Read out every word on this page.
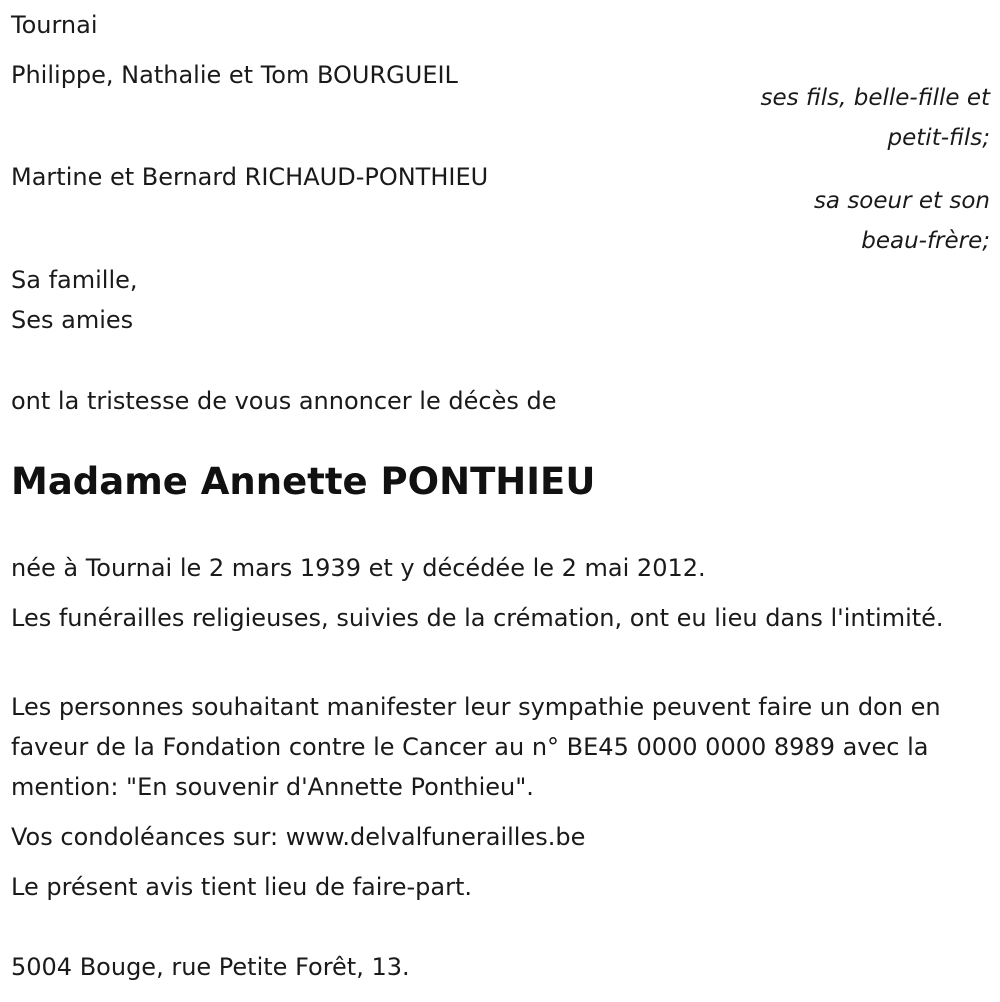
Tournai
Philippe, Nathalie et Tom BOURGUEIL
ses fils, belle-fille et
petit-fils;
Martine et Bernard RICHAUD-PONTHIEU
sa soeur et son
beau-frère;
Sa famille,
Ses amies
ont la tristesse de vous annoncer le décès de
Madame Annette PONTHIEU
née à Tournai le 2 mars 1939 et y décédée le 2 mai 2012.
Les funérailles religieuses, suivies de la crémation, ont eu lieu dans l'intimité.
Les personnes souhaitant manifester leur sympathie peuvent faire un don en faveur de la Fondation contre le Cancer au n° BE45 0000 0000 8989 avec la mention: "En souvenir d'Annette Ponthieu".
Vos condoléances sur: www.delvalfunerailles.be
Le présent avis tient lieu de faire-part.
5004 Bouge, rue Petite Forêt, 13.
